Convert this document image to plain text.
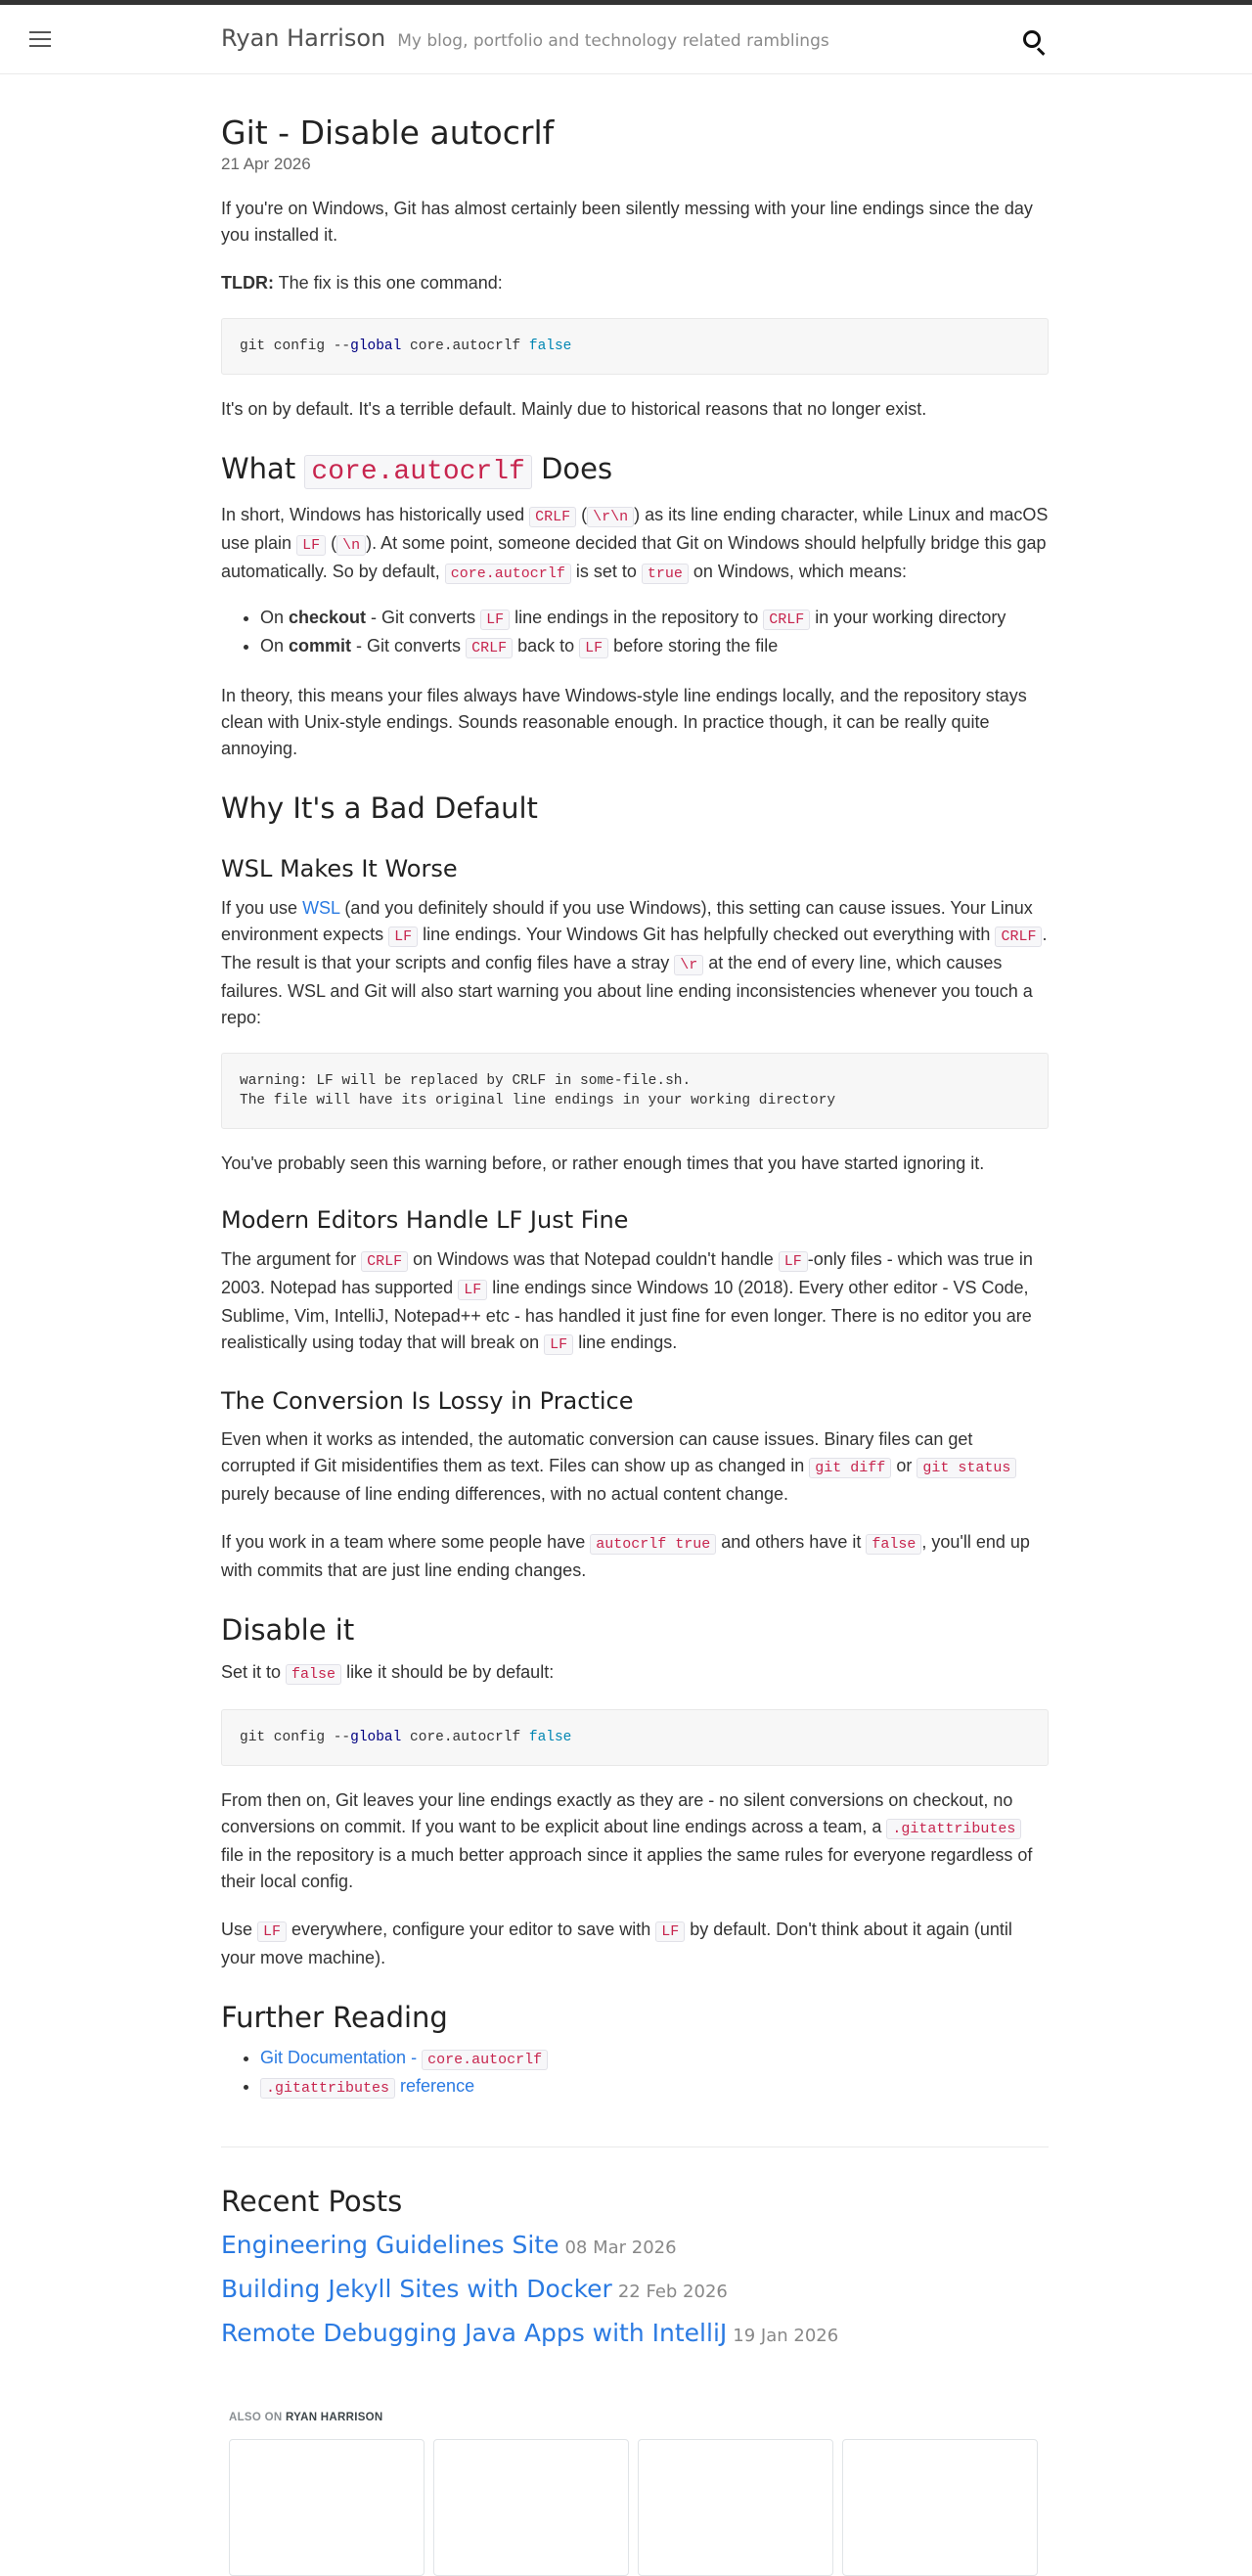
Ryan Harrison My blog, portfolio and technology related ramblings
Git - Disable autocrlf
21 Apr 2026

If you're on Windows, Git has almost certainly been silently messing with your line endings since the day you installed it.

TLDR: The fix is this one command:

git config --global core.autocrlf false

It's on by default. It's a terrible default. Mainly due to historical reasons that no longer exist.

What core.autocrlf Does

In short, Windows has historically used CRLF ( \r\n ) as its line ending character, while Linux and macOS use plain LF ( \n ). At some point, someone decided that Git on Windows should helpfully bridge this gap automatically. So by default, core.autocrlf is set to true on Windows, which means:

• On checkout - Git converts LF line endings in the repository to CRLF in your working directory
• On commit - Git converts CRLF back to LF before storing the file

In theory, this means your files always have Windows-style line endings locally, and the repository stays clean with Unix-style endings. Sounds reasonable enough. In practice though, it can be really quite annoying.

Why It's a Bad Default
WSL Makes It Worse

If you use WSL (and you definitely should if you use Windows), this setting can cause issues. Your Linux environment expects LF line endings. Your Windows Git has helpfully checked out everything with CRLF . The result is that your scripts and config files have a stray \r at the end of every line, which causes failures. WSL and Git will also start warning you about line ending inconsistencies whenever you touch a repo:

warning: LF will be replaced by CRLF in some-file.sh.
The file will have its original line endings in your working directory

You've probably seen this warning before, or rather enough times that you have started ignoring it.

Modern Editors Handle LF Just Fine

The argument for CRLF on Windows was that Notepad couldn't handle LF -only files - which was true in 2003. Notepad has supported LF line endings since Windows 10 (2018). Every other editor - VS Code, Sublime, Vim, IntelliJ, Notepad++ etc - has handled it just fine for even longer. There is no editor you are realistically using today that will break on LF line endings.

The Conversion Is Lossy in Practice

Even when it works as intended, the automatic conversion can cause issues. Binary files can get corrupted if Git misidentifies them as text. Files can show up as changed in git diff or git status purely because of line ending differences, with no actual content change.

If you work in a team where some people have autocrlf true and others have it false , you'll end up with commits that are just line ending changes.

Disable it

Set it to false like it should be by default:

git config --global core.autocrlf false

From then on, Git leaves your line endings exactly as they are - no silent conversions on checkout, no conversions on commit. If you want to be explicit about line endings across a team, a .gitattributes file in the repository is a much better approach since it applies the same rules for everyone regardless of their local config.

Use LF everywhere, configure your editor to save with LF by default. Don't think about it again (until your move machine).

Further Reading
• Git Documentation - core.autocrlf
• .gitattributes reference
Recent Posts
Engineering Guidelines Site 08 Mar 2026
Building Jekyll Sites with Docker 22 Feb 2026
Remote Debugging Java Apps with IntelliJ 19 Jan 2026
ALSO ON RYAN HARRISON
